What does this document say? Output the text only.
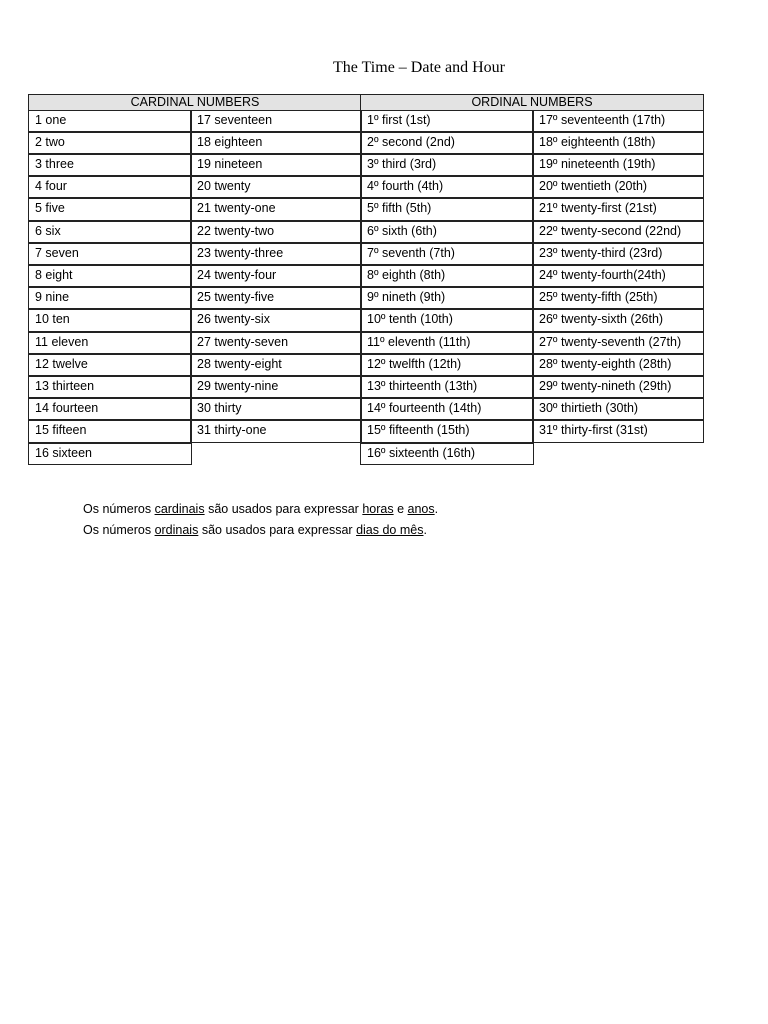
The Time – Date and Hour
CARDINAL NUMBERS	ORDINAL NUMBERS
1 one
2 two
3 three
4 four
5 five
6 six
7 seven
8 eight
9 nine
10 ten
11 eleven
12 twelve
13 thirteen
14 fourteen
15 fifteen
16 sixteen
17 seventeen
18 eighteen
19 nineteen
20 twenty
21 twenty-one
22 twenty-two
23 twenty-three
24 twenty-four
25 twenty-five
26 twenty-six
27 twenty-seven
28 twenty-eight
29 twenty-nine
30 thirty
31 thirty-one
1º first (1st)
2º second (2nd)
3º third (3rd)
4º fourth (4th)
5º fifth (5th)
6º sixth (6th)
7º seventh (7th)
8º eighth (8th)
9º nineth (9th)
10º tenth (10th)
11º eleventh (11th)
12º twelfth (12th)
13º thirteenth (13th)
14º fourteenth (14th)
15º fifteenth (15th)
16º sixteenth (16th)
17º seventeenth (17th)
18º eighteenth (18th)
19º nineteenth (19th)
20º twentieth (20th)
21º twenty-first (21st)
22º twenty-second (22nd)
23º twenty-third (23rd)
24º twenty-fourth(24th)
25º twenty-fifth (25th)
26º twenty-sixth (26th)
27º twenty-seventh (27th)
28º twenty-eighth (28th)
29º twenty-nineth (29th)
30º thirtieth (30th)
31º thirty-first (31st)
Os números cardinais são usados para expressar horas e anos.
Os números ordinais são usados para expressar dias do mês.
